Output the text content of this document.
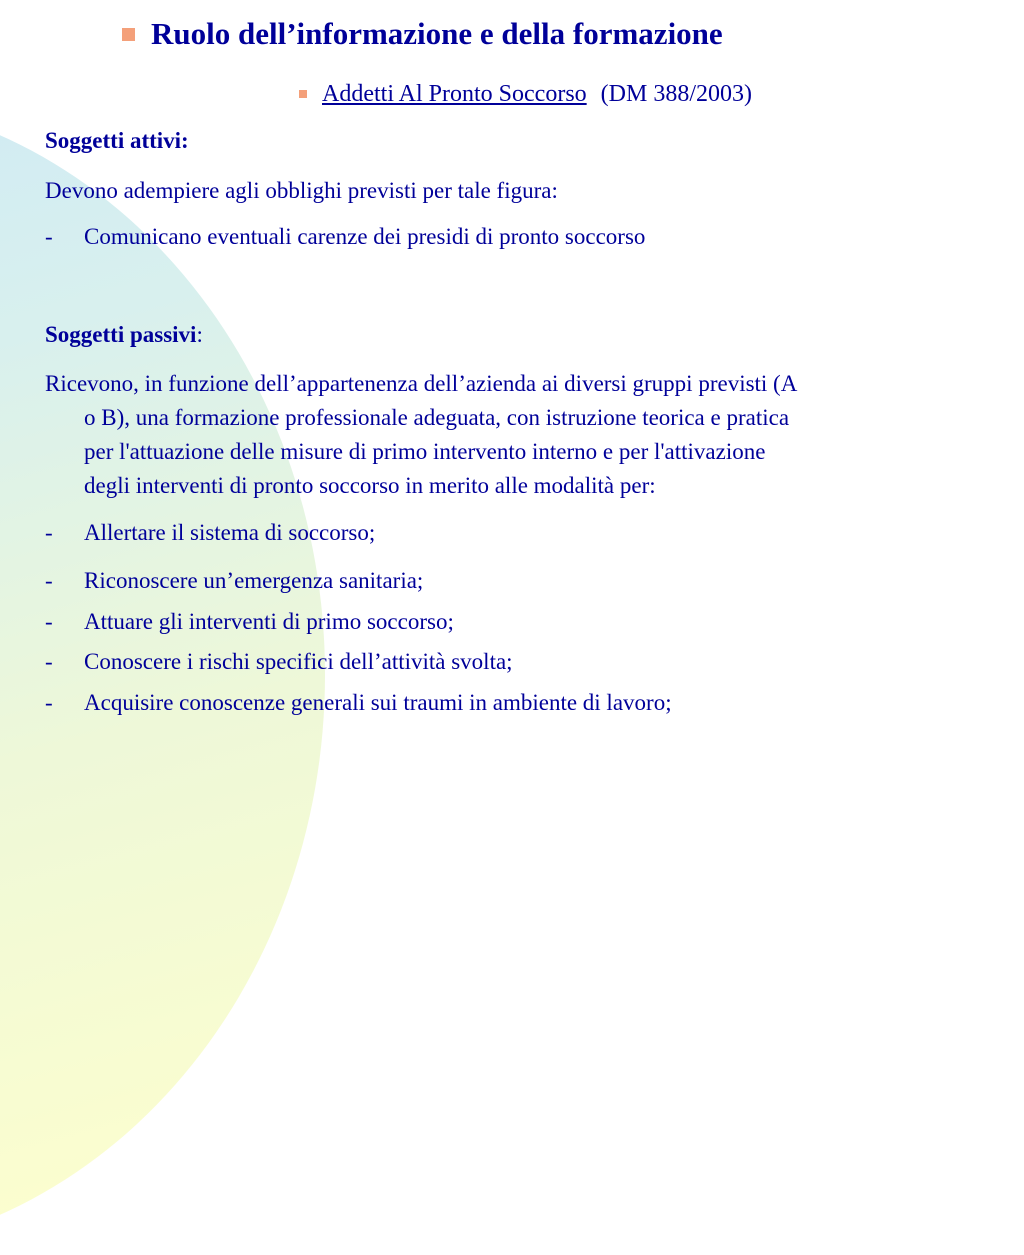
Ruolo dell’informazione e della formazione
Addetti Al Pronto Soccorso (DM 388/2003)
Soggetti attivi:
Devono adempiere agli obblighi previsti per tale figura:
- Comunicano eventuali carenze dei presidi di pronto soccorso
Soggetti passivi:
Ricevono, in funzione dell’appartenenza dell’azienda ai diversi gruppi previsti (A
o B), una formazione professionale adeguata, con istruzione teorica e pratica
per l'attuazione delle misure di primo intervento interno e per l'attivazione
degli interventi di pronto soccorso in merito alle modalità per:
- Allertare il sistema di soccorso;
- Riconoscere un’emergenza sanitaria;
- Attuare gli interventi di primo soccorso;
- Conoscere i rischi specifici dell’attività svolta;
- Acquisire conoscenze generali sui traumi in ambiente di lavoro;
